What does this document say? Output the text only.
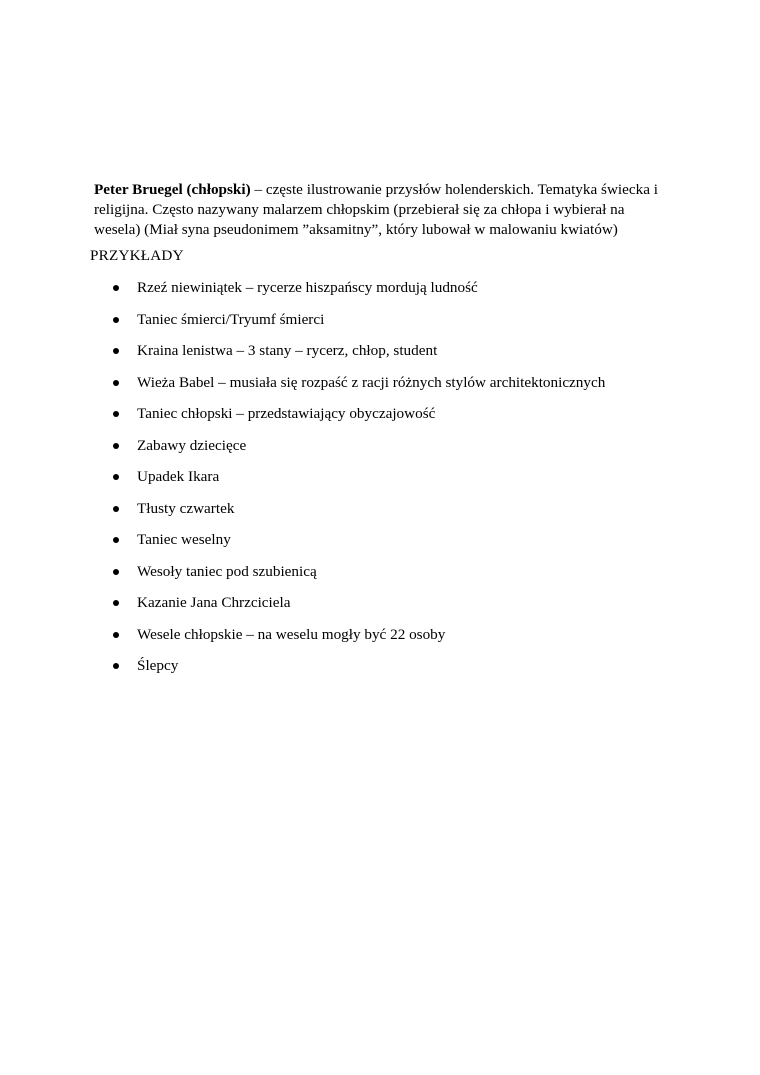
Peter Bruegel (chłopski) – częste ilustrowanie przysłów holenderskich. Tematyka świecka i
religijna. Często nazywany malarzem chłopskim (przebierał się za chłopa i wybierał na
wesela) (Miał syna pseudonimem ”aksamitny”, który lubował w malowaniu kwiatów)

PRZYKŁADY

Rzeź niewiniątek – rycerze hiszpańscy mordują ludność
Taniec śmierci/Tryumf śmierci
Kraina lenistwa – 3 stany – rycerz, chłop, student
Wieża Babel – musiała się rozpaść z racji różnych stylów architektonicznych
Taniec chłopski – przedstawiający obyczajowość
Zabawy dziecięce
Upadek Ikara
Tłusty czwartek
Taniec weselny
Wesoły taniec pod szubienicą
Kazanie Jana Chrzciciela
Wesele chłopskie – na weselu mogły być 22 osoby
Ślepcy
